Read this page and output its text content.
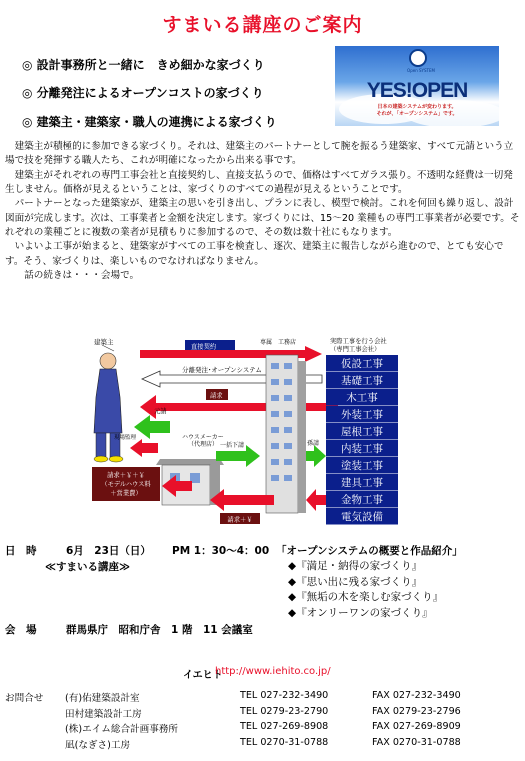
すまいる講座のご案内
◎ 設計事務所と一緒に　きめ細かな家づくり
◎ 分離発注によるオープンコストの家づくり
◎ 建築主・建築家・職人の連携による家づくり
Open SYSTEM
YES!OPEN
日本の建築システムが変わります。
それが、「オープンシステム」です。

　建築主が積極的に参加できる家づくり。それは、建築主のパートナーとして腕を振るう建築家、すべて元請という立場で技を発揮する職人たち、これが明確になったから出来る事です。

　建築主がそれぞれの専門工事会社と直接契約し、直接支払うので、価格はすべてガラス張り。不透明な経費は一切発生しません。価格が見えるということは、家づくりのすべての過程が見えるということです。

　パートナーとなった建築家が、建築主の思いを引き出し、プランに表し、模型で検討。これを何回も繰り返し、設計図面が完成します。次は、工事業者と金額を決定します。家づくりには、15～20 業種もの専門工事業者が必要です。それぞれの業種ごとに複数の業者が見積もりに参加するので、その数は数十社にもなります。

　いよいよ工事が始まると、建築家がすべての工事を検査し、逐次、建築主に報告しながら進むので、とても安心です。そう、家づくりは、楽しいものでなければなりません。

　　話の続きは・・・会場で。

建築主
直接契約
分離発注･オープンシステム
請求
実際工事を行う会社
（専門工事会社）
仮設工事
基礎工事
木工事
外装工事
屋根工事
内装工事
塗装工事
建具工事
金物工事
電気設備
元請
現場監理	ハウスメーカー
（代理店）
専属　工務店
一括下請	孫請
請求＋￥＋￥
（モデルハウス料
＋営業費）
請求＋￥
日　時	6月　23日（日） PM 1：30～4：00 「オープンシステムの概要と作品紹介」
≪すまいる講座≫	◆『満足・納得の家づくり』
◆『思い出に残る家づくり』
◆『無垢の木を楽しむ家づくり』
◆『オンリーワンの家づくり』
会　場	群馬県庁　昭和庁舎　1 階　11 会議室
イエヒト
http://www.iehito.co.jp/
お問合せ (有)佑建築設計室	TEL 027-232-3490	FAX 027-232-3490
田村建築設計工房	TEL 0279-23-2790	FAX 0279-23-2796
(株)エイム総合計画事務所	TEL 027-269-8908	FAX 027-269-8909
凪(なぎさ)工房	TEL 0270-31-0788	FAX 0270-31-0788
